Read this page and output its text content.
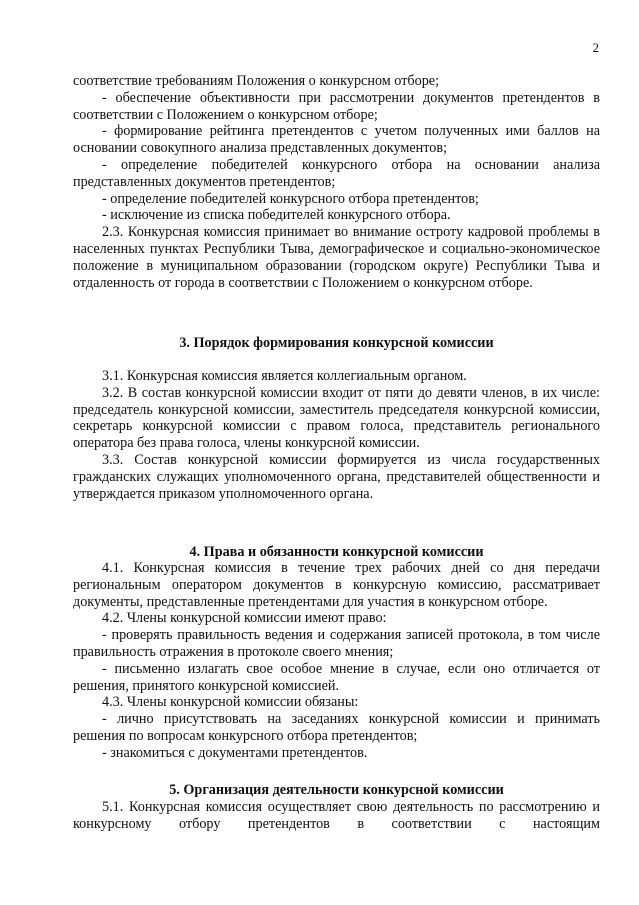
2
соответствие требованиям Положения о конкурсном отборе;
- обеспечение объективности при рассмотрении документов претендентов в соответствии с Положением о конкурсном отборе;
- формирование рейтинга претендентов с учетом полученных ими баллов на основании совокупного анализа представленных документов;
- определение победителей конкурсного отбора на основании анализа представленных документов претендентов;
- определение победителей конкурсного отбора претендентов;
- исключение из списка победителей конкурсного отбора.
2.3. Конкурсная комиссия принимает во внимание остроту кадровой проблемы в населенных пунктах Республики Тыва, демографическое и социально-экономическое положение в муниципальном образовании (городском округе) Республики Тыва и отдаленность от города в соответствии с Положением о конкурсном отборе.
3. Порядок формирования конкурсной комиссии
3.1. Конкурсная комиссия является коллегиальным органом.
3.2. В состав конкурсной комиссии входит от пяти до девяти членов, в их числе: председатель конкурсной комиссии, заместитель председателя конкурсной комиссии, секретарь конкурсной комиссии с правом голоса, представитель регионального оператора без права голоса, члены конкурсной комиссии.
3.3. Состав конкурсной комиссии формируется из числа государственных гражданских служащих уполномоченного органа, представителей общественности и утверждается приказом уполномоченного органа.
4. Права и обязанности конкурсной комиссии
4.1. Конкурсная комиссия в течение трех рабочих дней со дня передачи региональным оператором документов в конкурсную комиссию, рассматривает документы, представленные претендентами для участия в конкурсном отборе.
4.2. Члены конкурсной комиссии имеют право:
- проверять правильность ведения и содержания записей протокола, в том числе правильность отражения в протоколе своего мнения;
- письменно излагать свое особое мнение в случае, если оно отличается от решения, принятого конкурсной комиссией.
4.3. Члены конкурсной комиссии обязаны:
- лично присутствовать на заседаниях конкурсной комиссии и принимать решения по вопросам конкурсного отбора претендентов;
- знакомиться с документами претендентов.
5. Организация деятельности конкурсной комиссии
5.1. Конкурсная комиссия осуществляет свою деятельность по рассмотрению и конкурсному отбору претендентов в соответствии с настоящим
